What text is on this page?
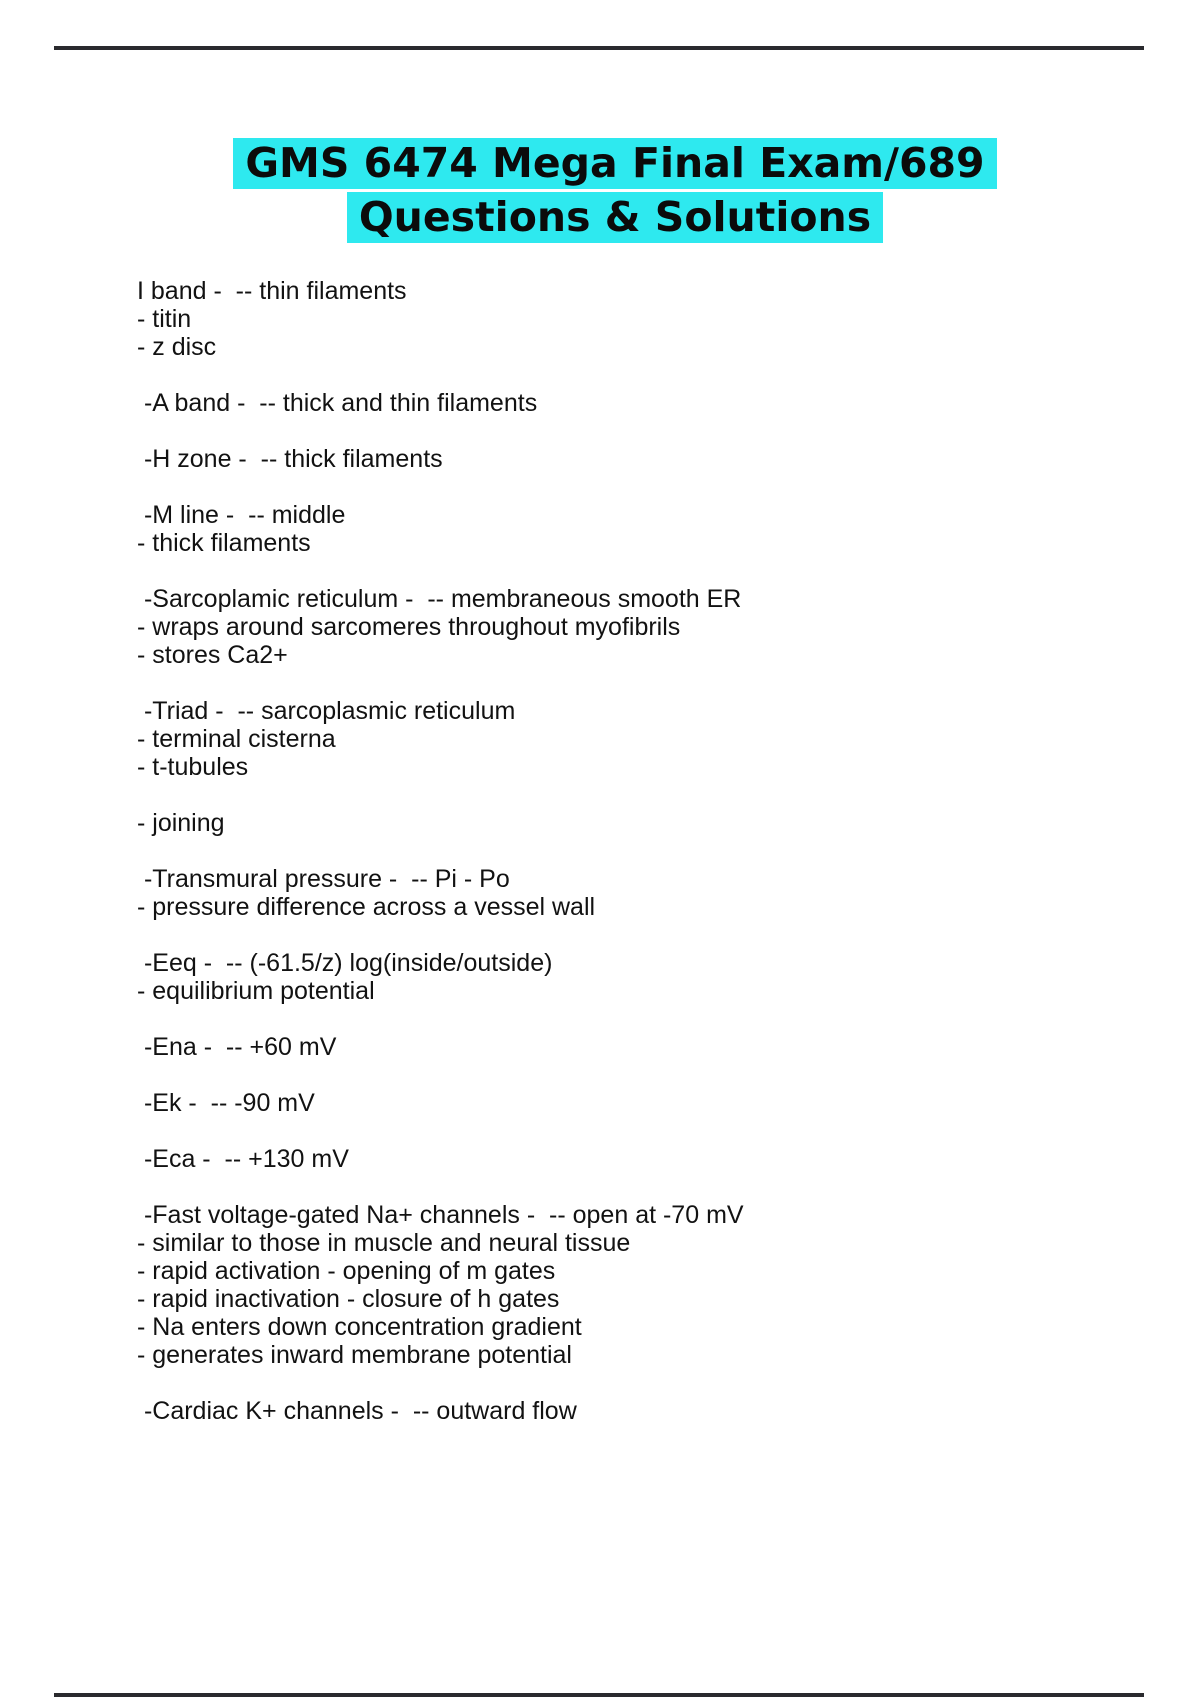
GMS 6474 Mega Final Exam/689
Questions & Solutions
I band -  -- thin filaments
- titin
- z disc
-A band -  -- thick and thin filaments
-H zone -  -- thick filaments
-M line -  -- middle
- thick filaments
-Sarcoplamic reticulum -  -- membraneous smooth ER
- wraps around sarcomeres throughout myofibrils
- stores Ca2+
-Triad -  -- sarcoplasmic reticulum
- terminal cisterna
- t-tubules
- joining
-Transmural pressure -  -- Pi - Po
- pressure difference across a vessel wall
-Eeq -  -- (-61.5/z) log(inside/outside)
- equilibrium potential
-Ena -  -- +60 mV
-Ek -  -- -90 mV
-Eca -  -- +130 mV
-Fast voltage-gated Na+ channels -  -- open at -70 mV
- similar to those in muscle and neural tissue
- rapid activation - opening of m gates
- rapid inactivation - closure of h gates
- Na enters down concentration gradient
- generates inward membrane potential
-Cardiac K+ channels -  -- outward flow
